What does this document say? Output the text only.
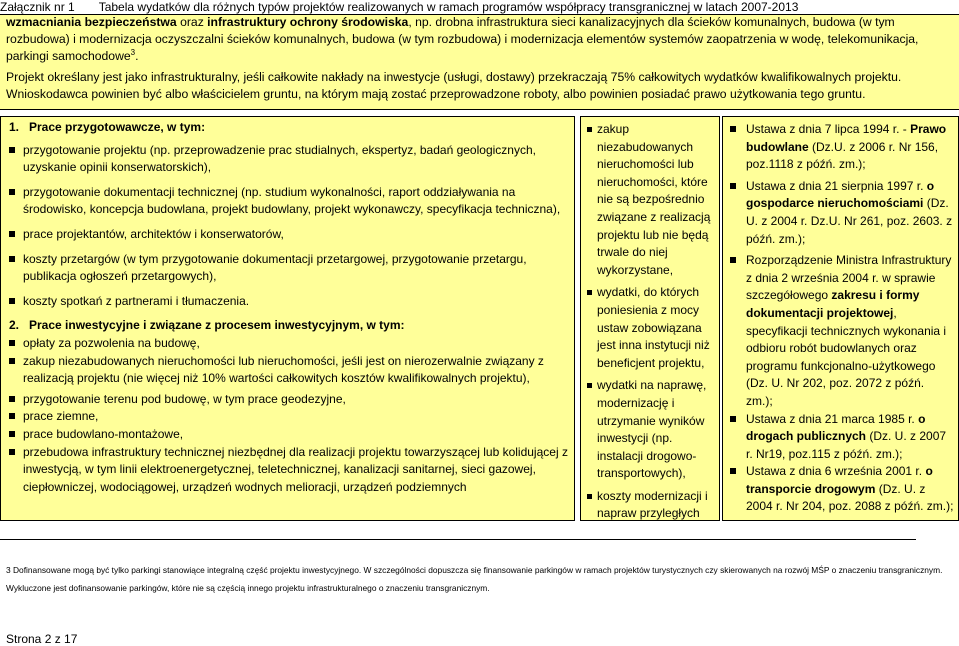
Załącznik nr 1 Tabela wydatków dla różnych typów projektów realizowanych w ramach programów współpracy transgranicznej w latach 2007-2013

wzmacniania bezpieczeństwa oraz infrastruktury ochrony środowiska, np. drobna infrastruktura sieci kanalizacyjnych dla ścieków komunalnych, budowa (w tym rozbudowa) i modernizacja oczyszczalni ścieków komunalnych, budowa (w tym rozbudowa) i modernizacja elementów systemów zaopatrzenia w wodę, telekomunikacja, parkingi samochodowe$^3$.

Projekt określany jest jako infrastrukturalny, jeśli całkowite nakłady na inwestycje (usługi, dostawy) przekraczają 75% całkowitych wydatków kwalifikowalnych projektu. Wnioskodawca powinien być albo właścicielem gruntu, na którym mają zostać przeprowadzone roboty, albo powinien posiadać prawo użytkowania tego gruntu.

1.   Prace przygotowawcze, w tym:
przygotowanie projektu (np. przeprowadzenie prac studialnych, ekspertyz, badań geologicznych, uzyskanie opinii konserwatorskich),
przygotowanie dokumentacji technicznej (np. studium wykonalności, raport oddziaływania na środowisko, koncepcja budowlana, projekt budowlany, projekt wykonawczy, specyfikacja techniczna),
prace projektantów, architektów i konserwatorów,
koszty przetargów (w tym przygotowanie dokumentacji przetargowej, przygotowanie przetargu, publikacja ogłoszeń przetargowych),
koszty spotkań z partnerami i tłumaczenia.
2.   Prace inwestycyjne i związane z procesem inwestycyjnym, w tym:
opłaty za pozwolenia na budowę,
zakup niezabudowanych nieruchomości lub nieruchomości, jeśli jest on nierozerwalnie związany z realizacją projektu (nie więcej niż 10% wartości całkowitych kosztów kwalifikowalnych projektu),
przygotowanie terenu pod budowę, w tym prace geodezyjne,
prace ziemne,
prace budowlano-montażowe,
przebudowa infrastruktury technicznej niezbędnej dla realizacji projektu towarzyszącej lub kolidującej z inwestycją, w tym linii elektroenergetycznej, teletechnicznej, kanalizacji sanitarnej, sieci gazowej, ciepłowniczej, wodociągowej, urządzeń wodnych melioracji, urządzeń podziemnych
zakup niezabudowanych nieruchomości lub nieruchomości, które nie są bezpośrednio związane z realizacją projektu lub nie będą trwale do niej wykorzystane,
wydatki, do których poniesienia z mocy ustaw zobowiązana jest inna instytucji niż beneficjent projektu,
wydatki na naprawę, modernizację i utrzymanie wyników inwestycji (np. instalacji drogowo-transportowych),
koszty modernizacji i napraw przyległych
Ustawa z dnia 7 lipca 1994 r. - Prawo budowlane (Dz.U. z 2006 r. Nr 156, poz.1118 z późń. zm.);
Ustawa z dnia 21 sierpnia 1997 r. o gospodarce nieruchomościami (Dz. U. z 2004 r. Dz.U. Nr 261, poz. 2603. z późń. zm.);
Rozporządzenie Ministra Infrastruktury z dnia 2 września 2004 r. w sprawie szczegółowego zakresu i formy dokumentacji projektowej, specyfikacji technicznych wykonania i odbioru robót budowlanych oraz programu funkcjonalno-użytkowego (Dz. U. Nr 202, poz. 2072 z późń. zm.);
Ustawa z dnia 21 marca 1985 r. o drogach publicznych (Dz. U. z 2007 r. Nr19, poz.115 z późń. zm.);
Ustawa z dnia 6 września 2001 r. o transporcie drogowym (Dz. U. z 2004 r. Nr 204, poz. 2088 z późń. zm.);
3 Dofinansowane mogą być tylko parkingi stanowiące integralną część projektu inwestycyjnego. W szczególności dopuszcza się finansowanie parkingów w ramach projektów turystycznych czy skierowanych na rozwój MŚP o znaczeniu transgranicznym.
Wykluczone jest dofinansowanie parkingów, które nie są częścią innego projektu infrastrukturalnego o znaczeniu transgranicznym.
Strona 2 z 17
